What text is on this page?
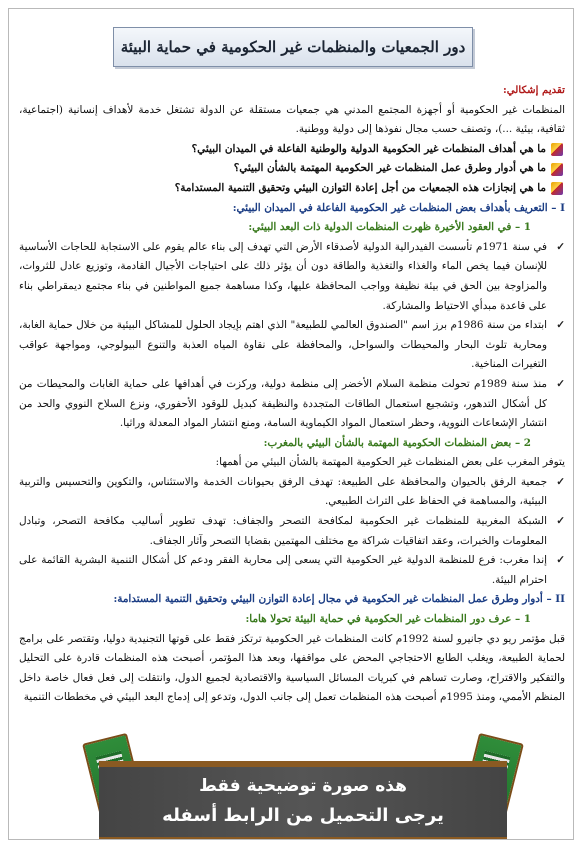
دور الجمعيات والمنظمات غير الحكومية في حماية البيئة

تقديم إشكالي:

المنظمات غير الحكومية أو أجهزة المجتمع المدني هي جمعيات مستقلة عن الدولة تشتغل خدمة لأهداف إنسانية (اجتماعية، ثقافية، بيئية ...)، وتصنف حسب مجال نفوذها إلى دولية ووطنية.

ما هي أهداف المنظمات غير الحكومية الدولية والوطنية الفاعلة في الميدان البيئي؟
ما هي أدوار وطرق عمل المنظمات غير الحكومية المهتمة بالشأن البيئي؟
ما هي إنجازات هذه الجمعيات من أجل إعادة التوازن البيئي وتحقيق التنمية المستدامة؟

I – التعريف بأهداف بعض المنظمات غير الحكومية الفاعلة في الميدان البيئي:

1 – في العقود الأخيرة ظهرت المنظمات الدولية ذات البعد البيئي:

✓
في سنة 1971م تأسست الفيدرالية الدولية لأصدقاء الأرض التي تهدف إلى بناء عالم يقوم على الاستجابة للحاجات الأساسية للإنسان فيما يخص الماء والغذاء والتغذية والطاقة دون أن يؤثر ذلك على احتياجات الأجيال القادمة، وتوزيع عادل للثروات، والمزاوجة بين الحق في بيئة نظيفة وواجب المحافظة عليها، وكذا مساهمة جميع المواطنين في بناء مجتمع ديمقراطي بناء على قاعدة مبدأي الاحتياط والمشاركة.
✓
ابتداء من سنة 1986م برز اسم "الصندوق العالمي للطبيعة" الذي اهتم بإيجاد الحلول للمشاكل البيئية من خلال حماية الغابة، ومحاربة تلوث البحار والمحيطات والسواحل، والمحافظة على نقاوة المياه العذبة والتنوع البيولوجي، ومواجهة عواقب التغيرات المناخية.
✓
منذ سنة 1989م تحولت منظمة السلام الأخضر إلى منظمة دولية، وركزت في أهدافها على حماية الغابات والمحيطات من كل أشكال التدهور، وتشجيع استعمال الطاقات المتجددة والنظيفة كبديل للوقود الأحفوري، ونزع السلاح النووي والحد من انتشار الإشعاعات النووية، وحظر استعمال المواد الكيماوية السامة، ومنع انتشار المواد المعدلة وراثيا.

2 – بعض المنظمات الحكومية المهتمة بالشأن البيئي بالمغرب:

يتوفر المغرب على بعض المنظمات غير الحكومية المهتمة بالشأن البيئي من أهمها:

✓
جمعية الرفق بالحيوان والمحافظة على الطبيعة: تهدف الرفق بحيوانات الخدمة والاستئناس، والتكوين والتحسيس والتربية البيئية، والمساهمة في الحفاظ على التراث الطبيعي.
✓
الشبكة المغربية للمنظمات غير الحكومية لمكافحة التصحر والجفاف: تهدف تطوير أساليب مكافحة التصحر، وتبادل المعلومات والخبرات، وعقد اتفاقيات شراكة مع مختلف المهتمين بقضايا التصحر وآثار الجفاف.
✓
إندا مغرب: فرع للمنظمة الدولية غير الحكومية التي يسعى إلى محاربة الفقر ودعم كل أشكال التنمية البشرية القائمة على احترام البيئة.

II – أدوار وطرق عمل المنظمات غير الحكومية في مجال إعادة التوازن البيئي وتحقيق التنمية المستدامة:

1 – عرف دور المنظمات غير الحكومية في حماية البيئة تحولا هاما:

قبل مؤتمر ريو دي جانيرو لسنة 1992م كانت المنظمات غير الحكومية ترتكز فقط على قوتها التجنيدية دوليا، وتقتصر على برامج لحماية الطبيعة، ويغلب الطابع الاحتجاجي المحض على مواقفها، وبعد هذا المؤتمر، أصبحت هذه المنظمات قادرة على التحليل والتفكير والاقتراح، وصارت تساهم في كبريات المسائل السياسية والاقتصادية لجميع الدول، وانتقلت إلى فعل فعال خاصة داخل المنظم الأممي، ومنذ 1995م أصبحت هذه المنظمات تعمل إلى جانب الدول، وتدعو إلى إدماج البعد البيئي في مخططات التنمية

هذه صورة توضيحية فقط
يرجى التحميل من الرابط أسفله
